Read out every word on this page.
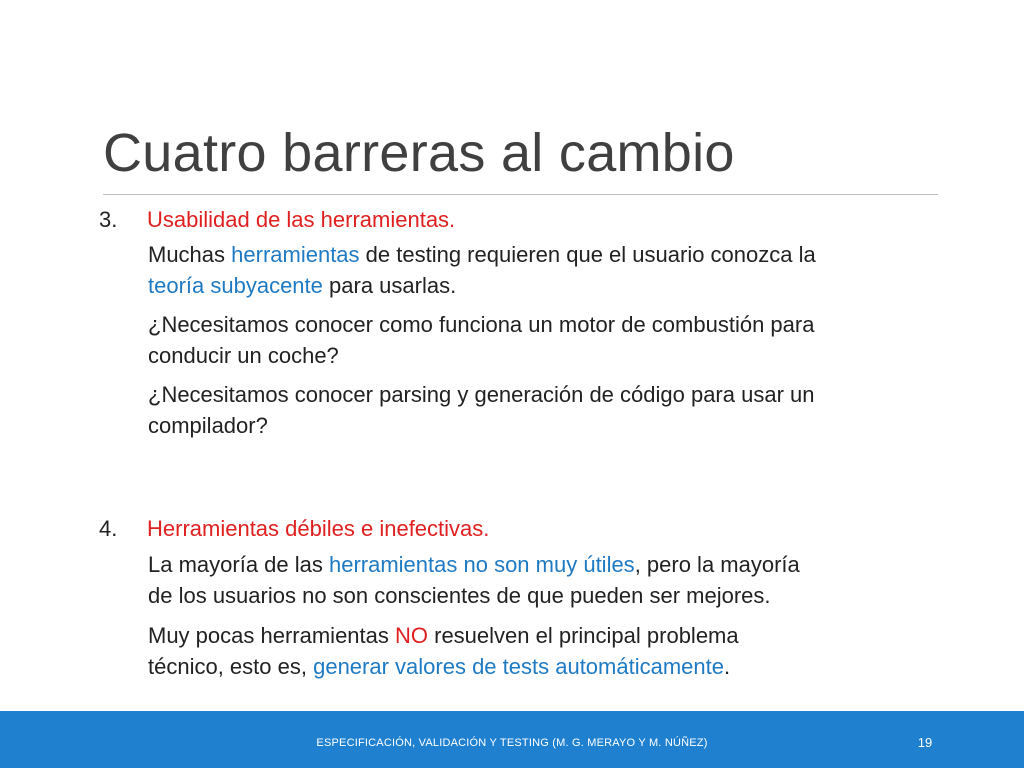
Cuatro barreras al cambio
3. Usabilidad de las herramientas.
Muchas herramientas de testing requieren que el usuario conozca la
teoría subyacente para usarlas.
¿Necesitamos conocer como funciona un motor de combustión para
conducir un coche?
¿Necesitamos conocer parsing y generación de código para usar un
compilador?
4. Herramientas débiles e inefectivas.
La mayoría de las herramientas no son muy útiles, pero la mayoría
de los usuarios no son conscientes de que pueden ser mejores.
Muy pocas herramientas NO resuelven el principal problema
técnico, esto es, generar valores de tests automáticamente.
ESPECIFICACIÓN, VALIDACIÓN Y TESTING (M. G. MERAYO Y M. NÚÑEZ)	19
